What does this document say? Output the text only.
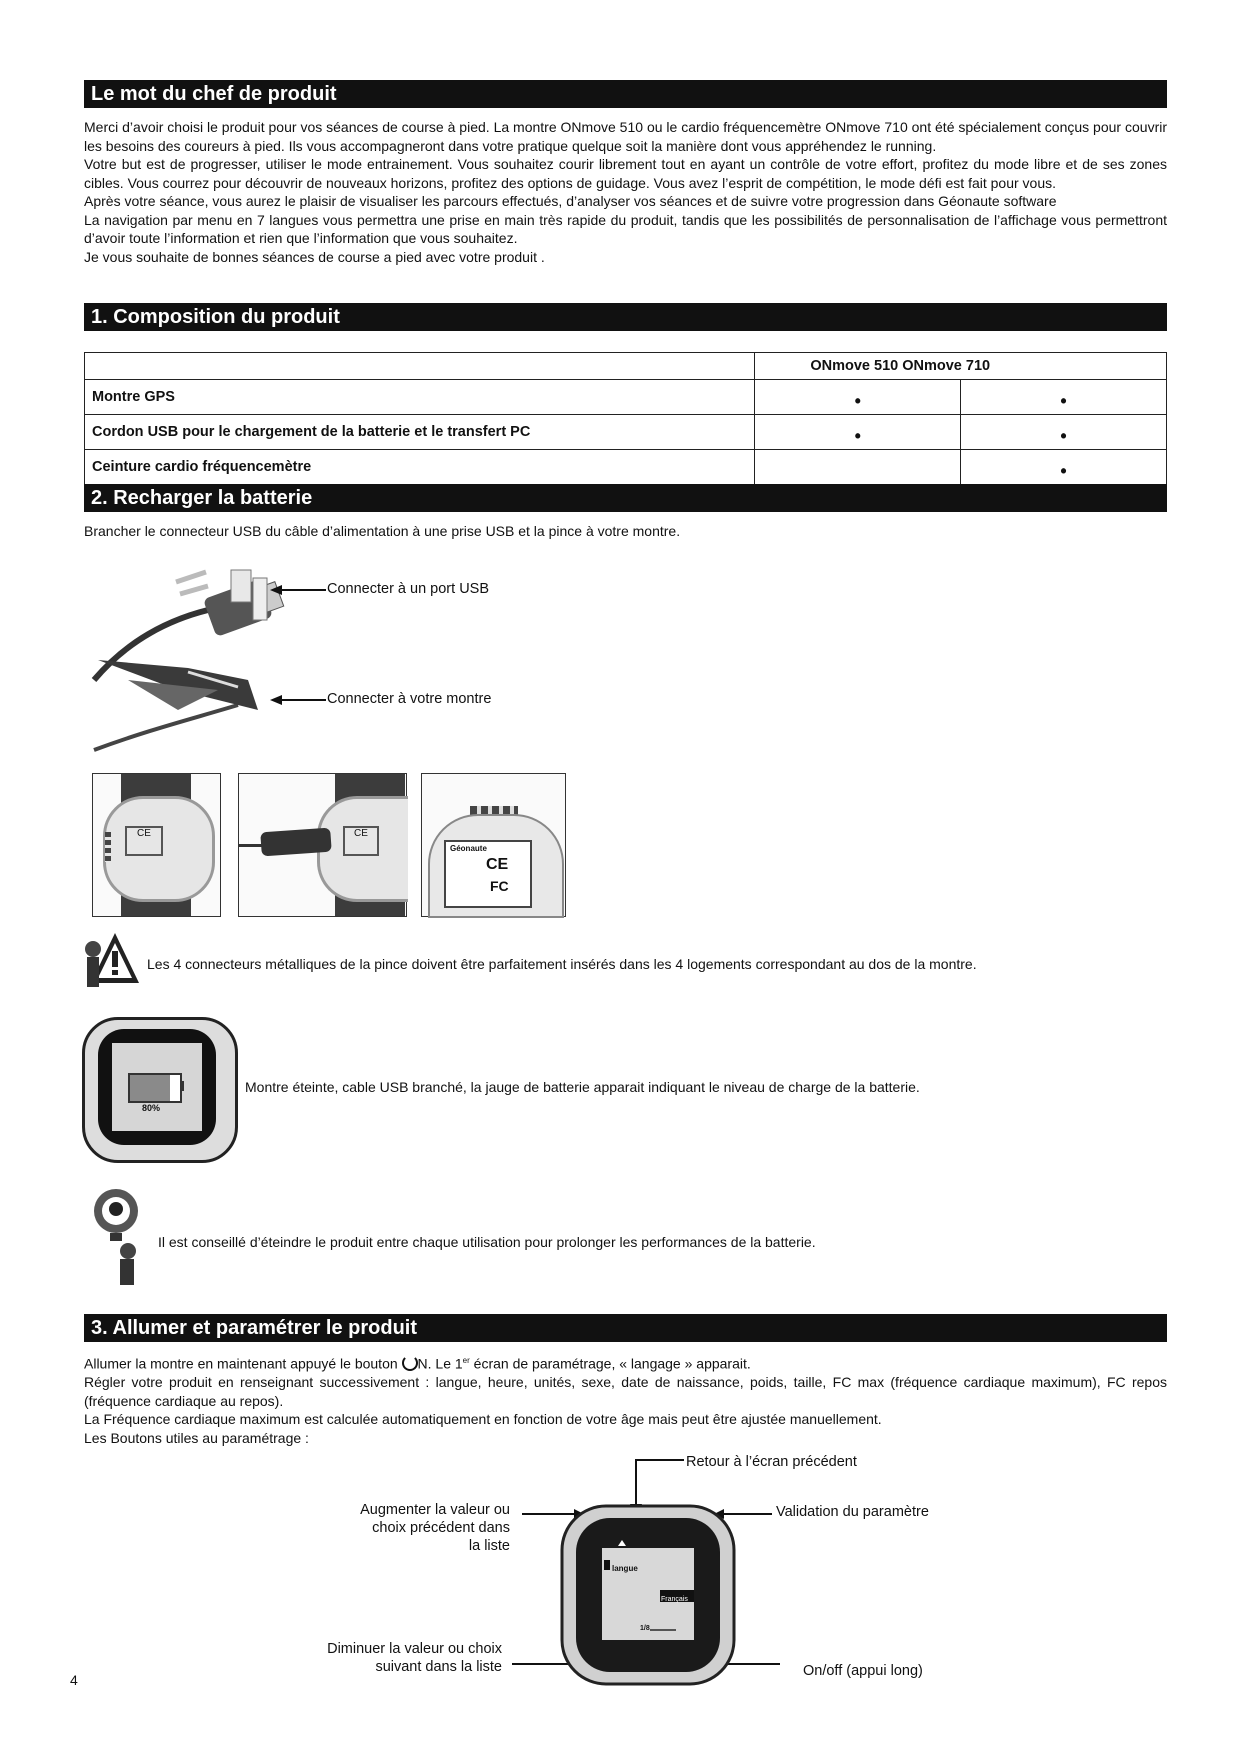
Le mot du chef de produit

Merci d’avoir choisi le produit pour vos séances de course à pied. La montre ONmove 510 ou le cardio fréquencemètre ONmove 710 ont été spécialement conçus pour couvrir les besoins des coureurs à pied. Ils vous accompagneront dans votre pratique quelque soit la manière dont vous appréhendez le running.

Votre but est de progresser, utiliser le mode entrainement. Vous souhaitez courir librement tout en ayant un contrôle de votre effort, profitez du mode libre et de ses zones cibles. Vous courrez pour découvrir de nouveaux horizons, profitez des options de guidage. Vous avez l’esprit de compétition, le mode défi est fait pour vous.

Après votre séance, vous aurez le plaisir de visualiser les parcours effectués, d’analyser vos séances et de suivre votre progression dans Géonaute software

La navigation par menu en 7 langues vous permettra une prise en main très rapide du produit, tandis que les possibilités de personnalisation de l’affichage vous permettront d’avoir toute l’information et rien que l’information que vous souhaitez.

Je vous souhaite de bonnes séances de course a pied avec votre produit .

1. Composition du produit
	ONmove 510 ONmove 710	
Montre GPS	•	•
Cordon USB pour le chargement de la batterie et le transfert PC	•	•
Ceinture cardio fréquencemètre		•
2. Recharger la batterie
Brancher le connecteur USB du câble d’alimentation à une prise USB et la pince à votre montre.
Connecter à un port USB
Connecter à votre montre
CE	CE
Géonaute
CE
FC
Les 4 connecteurs métalliques de la pince doivent être parfaitement insérés dans les 4 logements correspondant au dos de la montre.
80%
Montre éteinte, cable USB branché, la jauge de batterie apparait indiquant le niveau de charge de la batterie.
Il est conseillé d’éteindre le produit entre chaque utilisation pour prolonger les performances de la batterie.
3. Allumer et paramétrer le produit

Allumer la montre en maintenant appuyé le bouton N. Le 1er écran de paramétrage, « langage » apparait.

Régler votre produit en renseignant successivement : langue, heure, unités, sexe, date de naissance, poids, taille, FC max (fréquence cardiaque maximum), FC repos (fréquence cardiaque au repos).

La Fréquence cardiaque maximum est calculée automatiquement en fonction de votre âge mais peut être ajustée manuellement.

Les Boutons utiles au paramétrage :

Retour à l’écran précédent
Augmenter la valeur ou
choix précédent dans
la liste
Validation du paramètre
Diminuer la valeur ou choix
suivant dans la liste	On/off (appui long)
langue
Français
1/8
4
